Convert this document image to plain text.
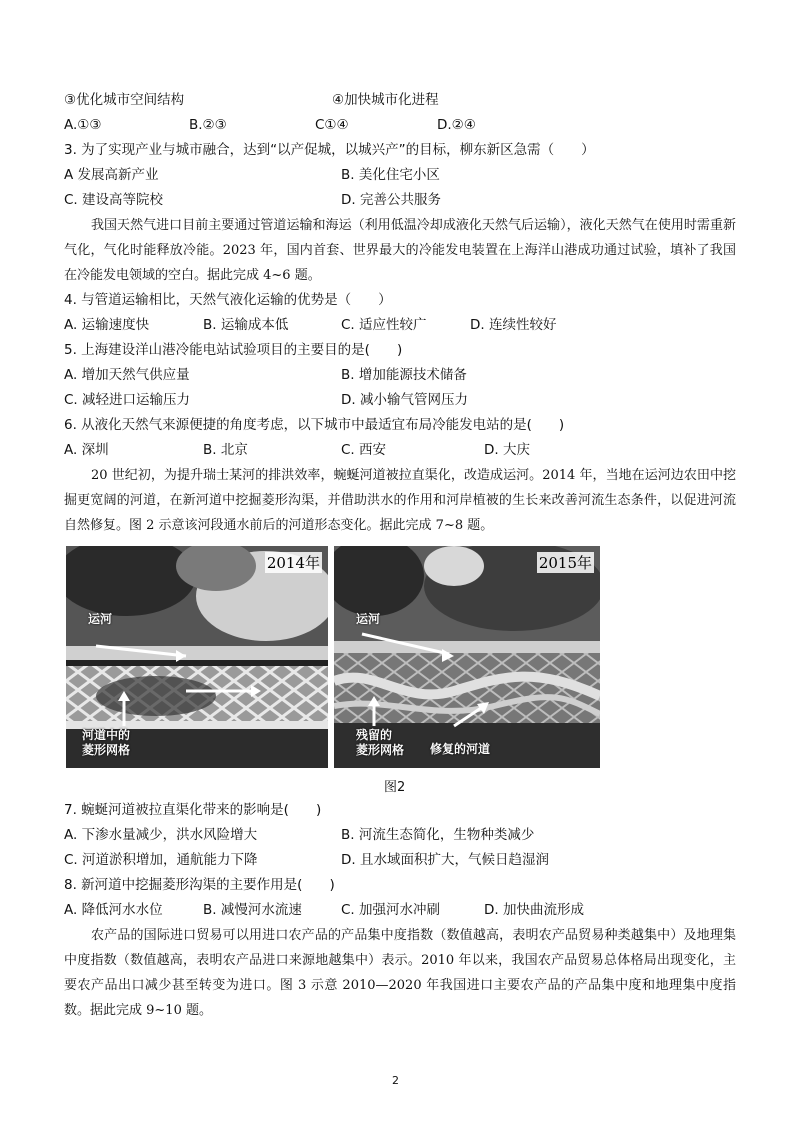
③优化城市空间结构	④加快城市化进程
A.①③	B.②③	C①④	D.②④
3. 为了实现产业与城市融合，达到“以产促城，以城兴产”的目标，柳东新区急需（　　）
A 发展高新产业	B. 美化住宅小区
C. 建设高等院校	D. 完善公共服务
我国天然气进口目前主要通过管道运输和海运（利用低温冷却成液化天然气后运输），液化天然气在使用时需重新气化，气化时能释放冷能。2023 年，国内首套、世界最大的冷能发电装置在上海洋山港成功通过试验，填补了我国在冷能发电领域的空白。据此完成 4~6 题。
4. 与管道运输相比，天然气液化运输的优势是（　　）
A. 运输速度快	B. 运输成本低	C. 适应性较广	D. 连续性较好
5. 上海建设洋山港冷能电站试验项目的主要目的是(　　)
A. 增加天然气供应量	B. 增加能源技术储备
C. 减轻进口运输压力	D. 减小输气管网压力
6. 从液化天然气来源便捷的角度考虑，以下城市中最适宜布局冷能发电站的是(　　)
A. 深圳	B. 北京	C. 西安	D. 大庆
20 世纪初，为提升瑞士某河的排洪效率，蜿蜒河道被拉直渠化，改造成运河。2014 年，当地在运河边农田中挖掘更宽阔的河道，在新河道中挖掘菱形沟渠，并借助洪水的作用和河岸植被的生长来改善河流生态条件，以促进河流自然修复。图 2 示意该河段通水前后的河道形态变化。据此完成 7~8 题。
2014年
运河
河道中的
菱形网格
2015年
运河
残留的
菱形网格 修复的河道
图2
7. 蜿蜒河道被拉直渠化带来的影响是(　　)
A. 下渗水量减少，洪水风险增大	B. 河流生态简化，生物种类减少
C. 河道淤积增加，通航能力下降	D. 且水域面积扩大，气候日趋湿润
8. 新河道中挖掘菱形沟渠的主要作用是(　　)
A. 降低河水水位	B. 减慢河水流速	C. 加强河水冲刷	D. 加快曲流形成
农产品的国际进口贸易可以用进口农产品的产品集中度指数（数值越高，表明农产品贸易种类越集中）及地理集中度指数（数值越高，表明农产品进口来源地越集中）表示。2010 年以来，我国农产品贸易总体格局出现变化，主要农产品出口减少甚至转变为进口。图 3 示意 2010—2020 年我国进口主要农产品的产品集中度和地理集中度指数。据此完成 9~10 题。
2
